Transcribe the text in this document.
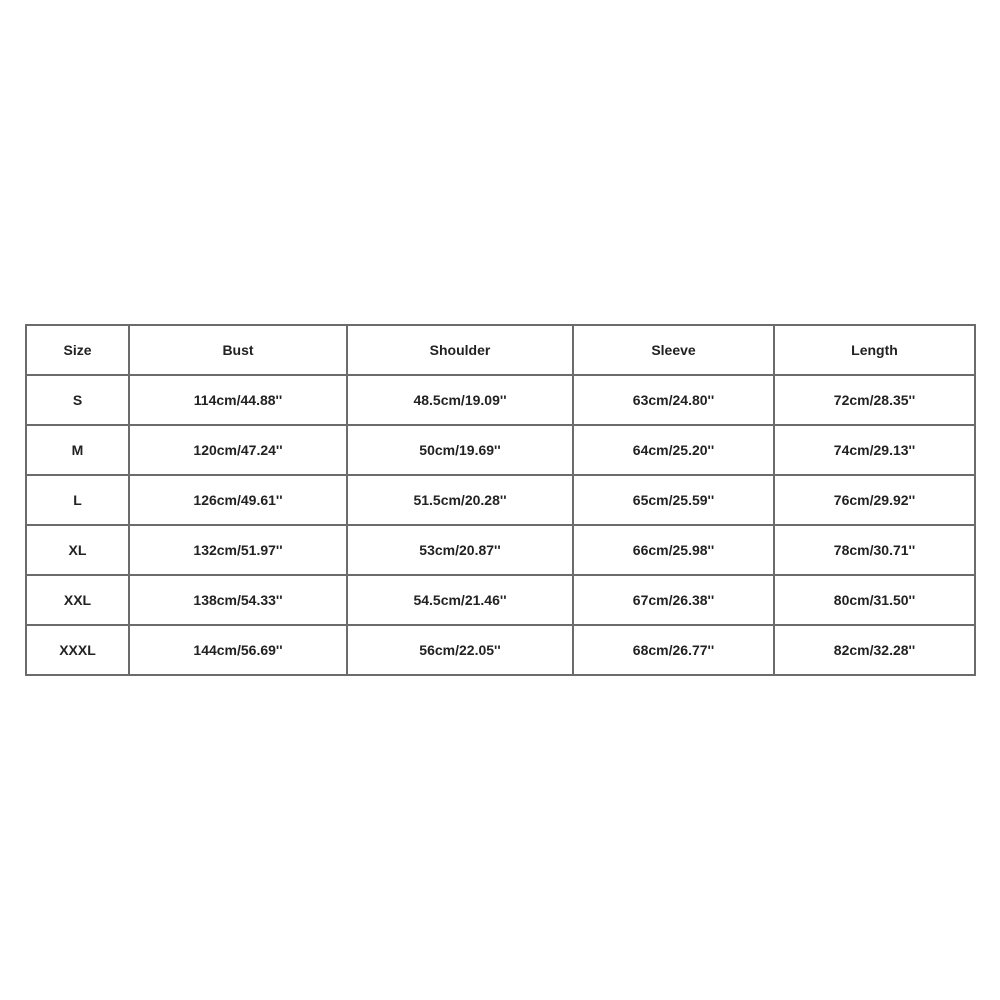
Size	Bust	Shoulder	Sleeve	Length
S	114cm/44.88''	48.5cm/19.09''	63cm/24.80''	72cm/28.35''
M	120cm/47.24''	50cm/19.69''	64cm/25.20''	74cm/29.13''
L	126cm/49.61''	51.5cm/20.28''	65cm/25.59''	76cm/29.92''
XL	132cm/51.97''	53cm/20.87''	66cm/25.98''	78cm/30.71''
XXL	138cm/54.33''	54.5cm/21.46''	67cm/26.38''	80cm/31.50''
XXXL	144cm/56.69''	56cm/22.05''	68cm/26.77''	82cm/32.28''
